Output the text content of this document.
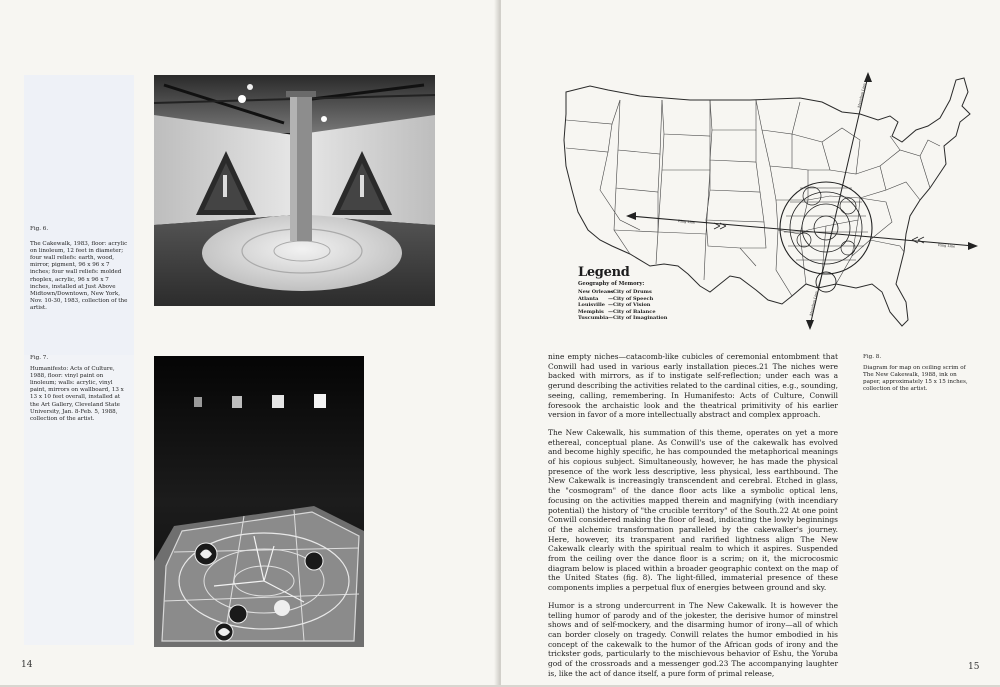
Fig. 6.
The Cakewalk, 1983, floor: acrylic on linoleum, 12 feet in diameter; four wall reliefs: earth, wood, mirror, pigment, 96 x 96 x 7 inches; four wall reliefs: molded rhoplex, acrylic, 96 x 96 x 7 inches, installed at Just Above Midtown/Downtown, New York, Nov. 10-30, 1983, collection of the artist.
Fig. 7.
Humanifesto: Acts of Culture, 1988, floor: vinyl paint on linoleum; walls: acrylic, vinyl paint, mirrors on wallboard, 13 x 13 x 10 feet overall, installed at the Art Gallery, Cleveland State University, Jan. 8-Feb. 5, 1988, collection of the artist.
14	15
Ring Line
Ring Line
Meridian Line
Meridian Line
Legend
Geography of Memory:
New Orleans—City of Drums
Atlanta —City of Speech
Louisville —City of Vision
Memphis —City of Balance
Tuscumbia—City of Imagination
Fig. 8.
Diagram for map on ceiling scrim of The New Cakewalk, 1988, ink on paper, approximately 15 x 15 inches, collection of the artist.

nine empty niches—catacomb-like cubicles of ceremonial entombment that Conwill had used in various early installation pieces.21 The niches were backed with mirrors, as if to instigate self-reflection; under each was a gerund describing the activities related to the cardinal cities, e.g., sounding, seeing, calling, remembering. In Humanifesto: Acts of Culture, Conwill foresook the archaistic look and the theatrical primitivity of his earlier version in favor of a more intellectually abstract and complex approach.

The New Cakewalk, his summation of this theme, operates on yet a more ethereal, conceptual plane. As Conwill's use of the cakewalk has evolved and become highly specific, he has compounded the metaphorical meanings of his copious subject. Simultaneously, however, he has made the physical presence of the work less descriptive, less physical, less earthbound. The New Cakewalk is increasingly transcendent and cerebral. Etched in glass, the "cosmogram" of the dance floor acts like a symbolic optical lens, focusing on the activities mapped therein and magnifying (with incendiary potential) the history of "the crucible territory" of the South.22 At one point Conwill considered making the floor of lead, indicating the lowly beginnings of the alchemic transformation paralleled by the cakewalker's journey. Here, however, its transparent and rarified lightness align The New Cakewalk clearly with the spiritual realm to which it aspires. Suspended from the ceiling over the dance floor is a scrim; on it, the microcosmic diagram below is placed within a broader geographic context on the map of the United States (fig. 8). The light-filled, immaterial presence of these components implies a perpetual flux of energies between ground and sky.

Humor is a strong undercurrent in The New Cakewalk. It is however the telling humor of parody and of the jokester, the derisive humor of minstrel shows and of self-mockery, and the disarming humor of irony—all of which can border closely on tragedy. Conwill relates the humor embodied in his concept of the cakewalk to the humor of the African gods of irony and the trickster gods, particularly to the mischievous behavior of Eshu, the Yoruba god of the crossroads and a messenger god.23 The accompanying laughter is, like the act of dance itself, a pure form of primal release,
